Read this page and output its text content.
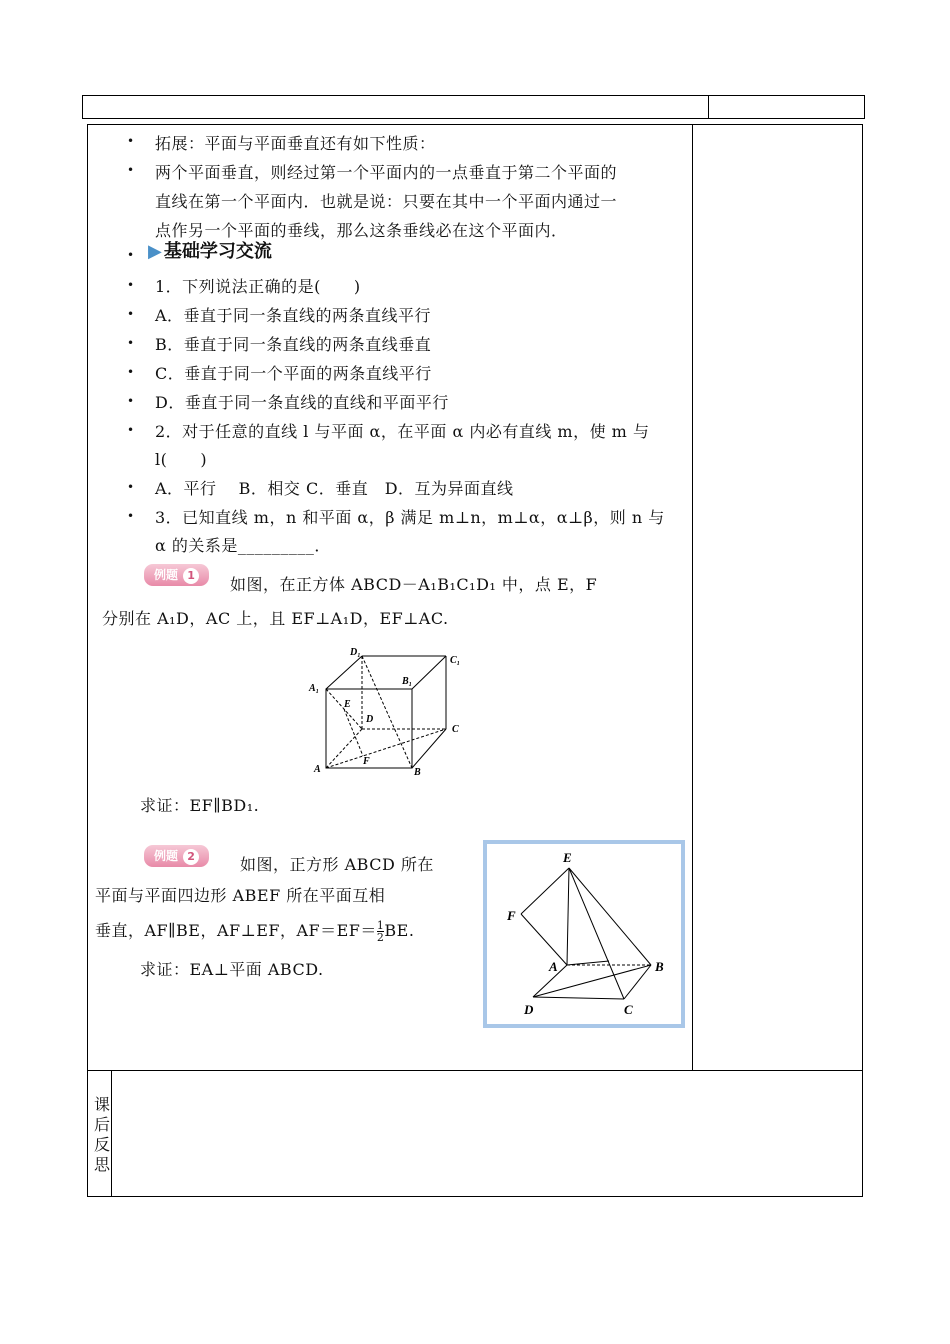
课
后
反
思
• 拓展：平面与平面垂直还有如下性质：
• 两个平面垂直，则经过第一个平面内的一点垂直于第二个平面的
直线在第一个平面内．也就是说：只要在其中一个平面内通过一
点作另一个平面的垂线，那么这条垂线必在这个平面内．
• ▶ 基础学习交流
• 1．下列说法正确的是(　　)
• A．垂直于同一条直线的两条直线平行
• B．垂直于同一条直线的两条直线垂直
• C．垂直于同一个平面的两条直线平行
• D．垂直于同一条直线的直线和平面平行
• 2．对于任意的直线 l 与平面 α，在平面 α 内必有直线 m，使 m 与
l(　　)
• A．平行　 B．相交 C．垂直　D．互为异面直线
• 3．已知直线 m，n 和平面 α，β 满足 m⊥n，m⊥α，α⊥β，则 n 与
α 的关系是_________．
例题 1	如图，在正方体 ABCD－A₁B₁C₁D₁ 中，点 E，F
分别在 A₁D，AC 上，且 EF⊥A₁D，EF⊥AC.
D₁
C₁
A₁
B₁
E
D
C
A
F
B
求证：EF∥BD₁.
例题 2	如图，正方形 ABCD 所在
平面与平面四边形 ABEF 所在平面互相
垂直，AF∥BE，AF⊥EF，$AF=EF= \frac{1}{2}$ BE.
求证：EA⊥平面 ABCD.
E
F
A	B
D	C
